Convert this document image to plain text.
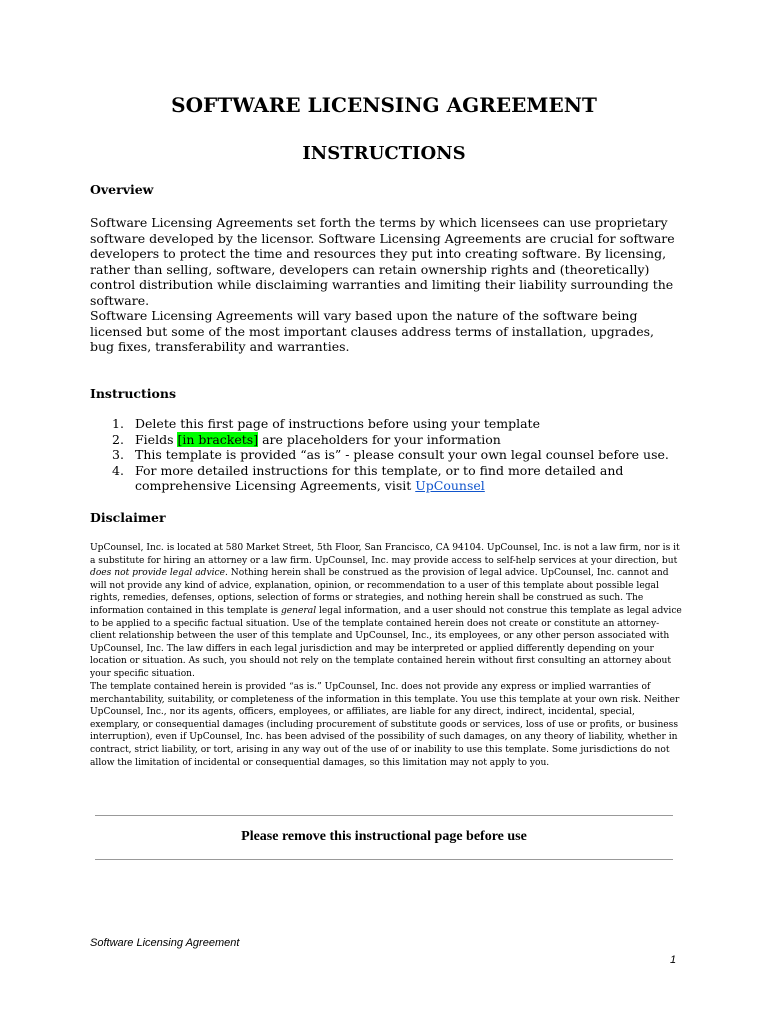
SOFTWARE LICENSING AGREEMENT
INSTRUCTIONS

Overview

Software Licensing Agreements set forth the terms by which licensees can use proprietary software developed by the licensor. Software Licensing Agreements are crucial for software developers to protect the time and resources they put into creating software. By licensing, rather than selling, software, developers can retain ownership rights and (theoretically) control distribution while disclaiming warranties and limiting their liability surrounding the software.

Software Licensing Agreements will vary based upon the nature of the software being licensed but some of the most important clauses address terms of installation, upgrades, bug fixes, transferability and warranties.

Instructions

1. Delete this first page of instructions before using your template
2. Fields [in brackets] are placeholders for your information
3. This template is provided “as is” - please consult your own legal counsel before use.
4. For more detailed instructions for this template, or to find more detailed and comprehensive Licensing Agreements, visit UpCounsel

Disclaimer

UpCounsel, Inc. is located at 580 Market Street, 5th Floor, San Francisco, CA 94104. UpCounsel, Inc. is not a law firm, nor is it a substitute for hiring an attorney or a law firm. UpCounsel, Inc. may provide access to self-help services at your direction, but does not provide legal advice. Nothing herein shall be construed as the provision of legal advice. UpCounsel, Inc. cannot and will not provide any kind of advice, explanation, opinion, or recommendation to a user of this template about possible legal rights, remedies, defenses, options, selection of forms or strategies, and nothing herein shall be construed as such. The information contained in this template is general legal information, and a user should not construe this template as legal advice to be applied to a specific factual situation. Use of the template contained herein does not create or constitute an attorney-client relationship between the user of this template and UpCounsel, Inc., its employees, or any other person associated with UpCounsel, Inc. The law differs in each legal jurisdiction and may be interpreted or applied differently depending on your location or situation. As such, you should not rely on the template contained herein without first consulting an attorney about your specific situation.

The template contained herein is provided “as is.” UpCounsel, Inc. does not provide any express or implied warranties of merchantability, suitability, or completeness of the information in this template. You use this template at your own risk. Neither UpCounsel, Inc., nor its agents, officers, employees, or affiliates, are liable for any direct, indirect, incidental, special, exemplary, or consequential damages (including procurement of substitute goods or services, loss of use or profits, or business interruption), even if UpCounsel, Inc. has been advised of the possibility of such damages, on any theory of liability, whether in contract, strict liability, or tort, arising in any way out of the use of or inability to use this template. Some jurisdictions do not allow the limitation of incidental or consequential damages, so this limitation may not apply to you.

Please remove this instructional page before use

Software Licensing Agreement
1
